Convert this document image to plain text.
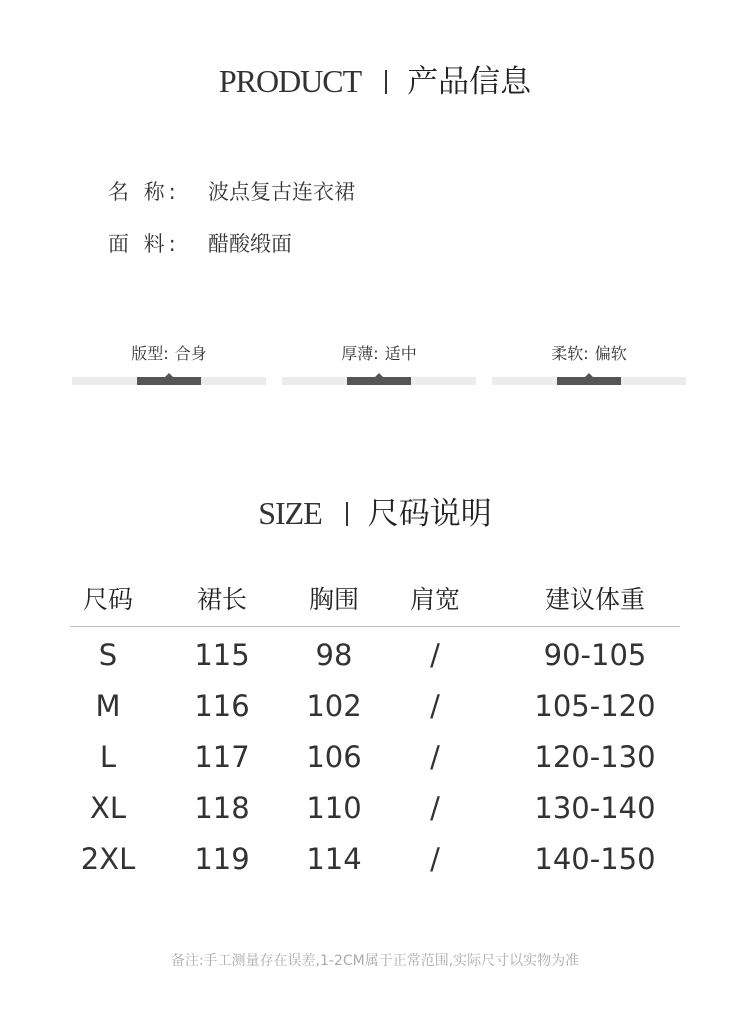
PRODUCT 产品信息
名 称: 波点复古连衣裙
面 料: 醋酸缎面
版型: 合身	厚薄: 适中	柔软: 偏软
SIZE 尺码说明
尺码	裙长	胸围	肩宽	建议体重
S	115	98	/	90-105
M	116	102	/	105-120
L	117	106	/	120-130
XL	118	110	/	130-140
2XL	119	114	/	140-150
备注:手工测量存在误差,1-2CM属于正常范围,实际尺寸以实物为准
